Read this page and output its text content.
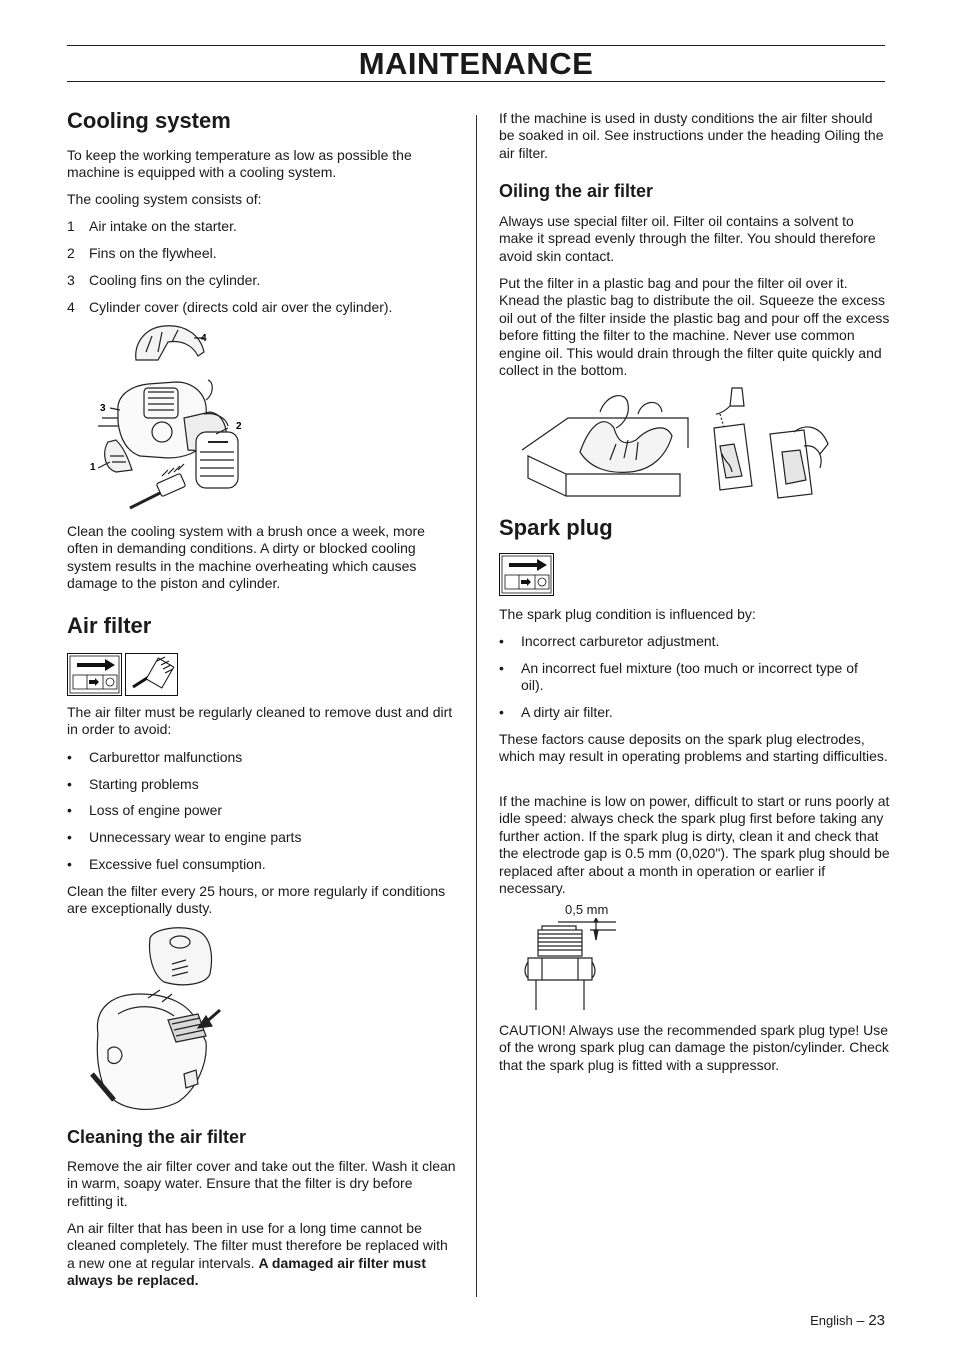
MAINTENANCE
Cooling system

To keep the working temperature as low as possible the machine is equipped with a cooling system.

The cooling system consists of:

1 Air intake on the starter.
2 Fins on the flywheel.
3 Cooling fins on the cylinder.
4 Cylinder cover (directs cold air over the cylinder).
4
3
2
1

Clean the cooling system with a brush once a week, more often in demanding conditions. A dirty or blocked cooling system results in the machine overheating which causes damage to the piston and cylinder.

Air filter

The air filter must be regularly cleaned to remove dust and dirt in order to avoid:

• Carburettor malfunctions
• Starting problems
• Loss of engine power
• Unnecessary wear to engine parts
• Excessive fuel consumption.

Clean the filter every 25 hours, or more regularly if conditions are exceptionally dusty.

Cleaning the air filter

Remove the air filter cover and take out the filter. Wash it clean in warm, soapy water. Ensure that the filter is dry before refitting it.

An air filter that has been in use for a long time cannot be cleaned completely. The filter must therefore be replaced with a new one at regular intervals. A damaged air filter must always be replaced.

If the machine is used in dusty conditions the air filter should be soaked in oil. See instructions under the heading Oiling the air filter.

Oiling the air filter

Always use special filter oil. Filter oil contains a solvent to make it spread evenly through the filter. You should therefore avoid skin contact.

Put the filter in a plastic bag and pour the filter oil over it. Knead the plastic bag to distribute the oil. Squeeze the excess oil out of the filter inside the plastic bag and pour off the excess before fitting the filter to the machine. Never use common engine oil. This would drain through the filter quite quickly and collect in the bottom.

Spark plug

The spark plug condition is influenced by:

• Incorrect carburetor adjustment.
• An incorrect fuel mixture (too much or incorrect type of oil).
• A dirty air filter.

These factors cause deposits on the spark plug electrodes, which may result in operating problems and starting difficulties.

If the machine is low on power, difficult to start or runs poorly at idle speed: always check the spark plug first before taking any further action. If the spark plug is dirty, clean it and check that the electrode gap is 0.5 mm (0,020"). The spark plug should be replaced after about a month in operation or earlier if necessary.

0,5 mm

CAUTION! Always use the recommended spark plug type! Use of the wrong spark plug can damage the piston/cylinder. Check that the spark plug is fitted with a suppressor.

English – 23
